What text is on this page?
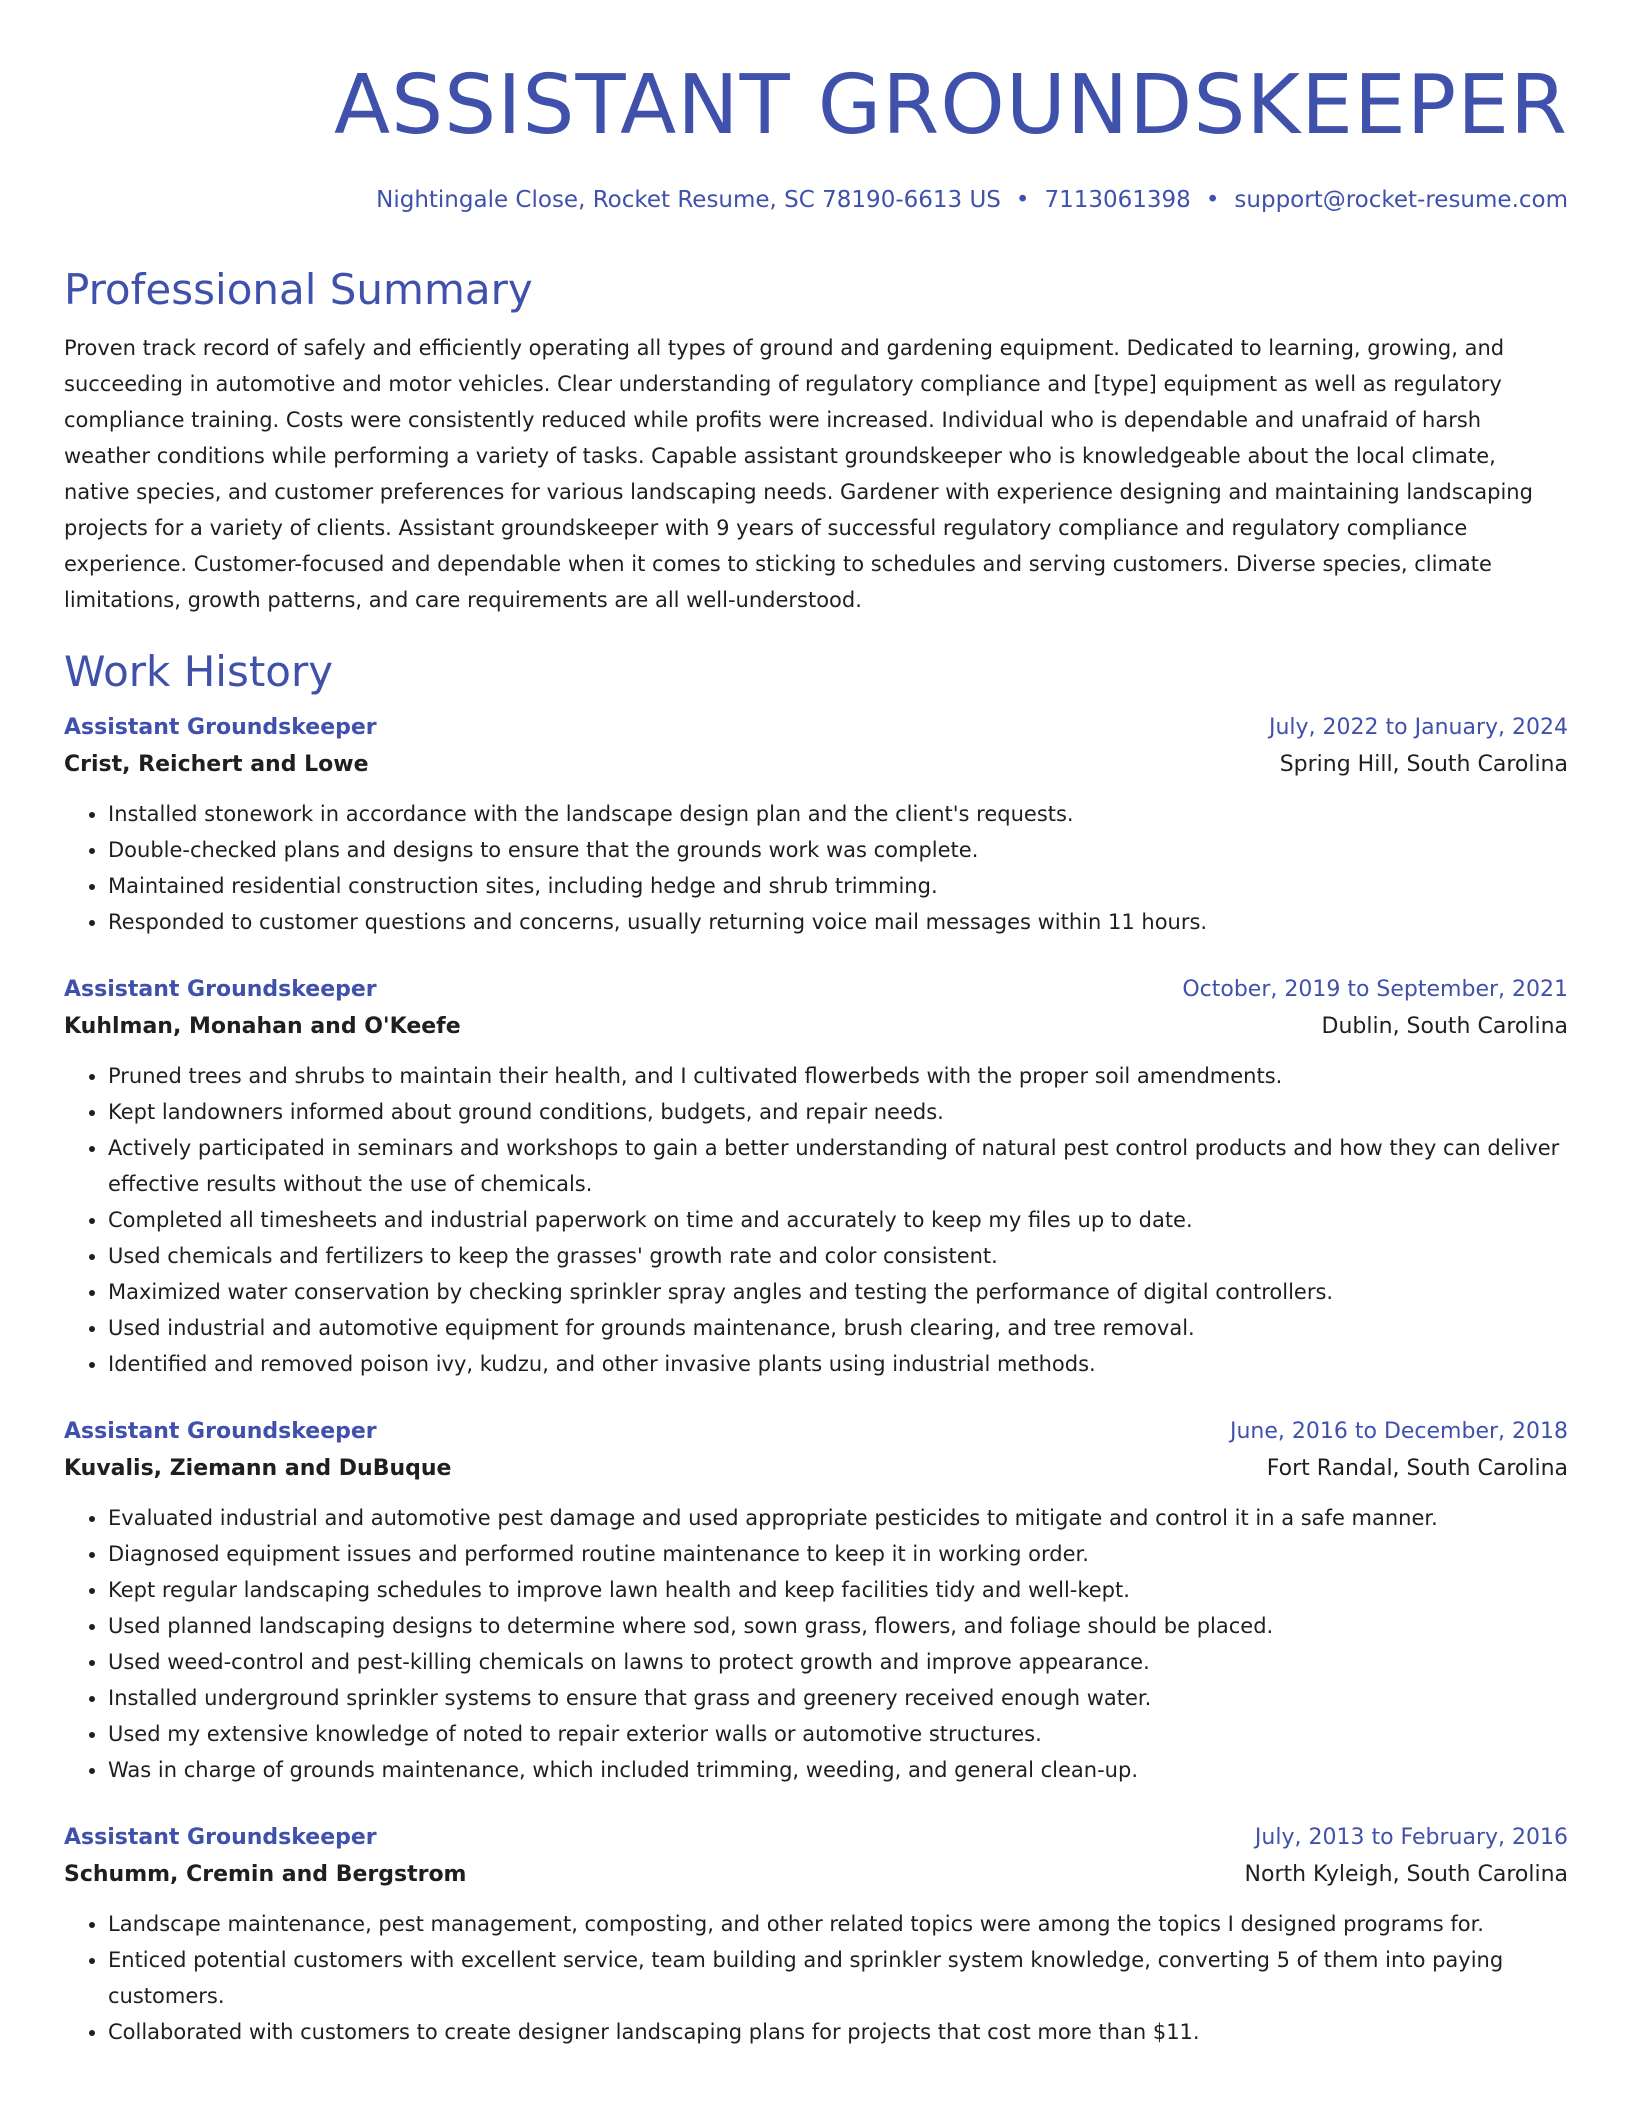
ASSISTANT GROUNDSKEEPER
Nightingale Close, Rocket Resume, SC 78190-6613 US • 7113061398 • support@rocket-resume.com
Professional Summary

Proven track record of safely and efficiently operating all types of ground and gardening equipment. Dedicated to learning, growing, and succeeding in automotive and motor vehicles. Clear understanding of regulatory compliance and [type] equipment as well as regulatory compliance training. Costs were consistently reduced while profits were increased. Individual who is dependable and unafraid of harsh weather conditions while performing a variety of tasks. Capable assistant groundskeeper who is knowledgeable about the local climate, native species, and customer preferences for various landscaping needs. Gardener with experience designing and maintaining landscaping projects for a variety of clients. Assistant groundskeeper with 9 years of successful regulatory compliance and regulatory compliance experience. Customer-focused and dependable when it comes to sticking to schedules and serving customers. Diverse species, climate limitations, growth patterns, and care requirements are all well-understood.

Work History
Assistant Groundskeeper	July, 2022 to January, 2024
Crist, Reichert and Lowe	Spring Hill, South Carolina
• Installed stonework in accordance with the landscape design plan and the client's requests.
• Double-checked plans and designs to ensure that the grounds work was complete.
• Maintained residential construction sites, including hedge and shrub trimming.
• Responded to customer questions and concerns, usually returning voice mail messages within 11 hours.
Assistant Groundskeeper	October, 2019 to September, 2021
Kuhlman, Monahan and O'Keefe	Dublin, South Carolina
• Pruned trees and shrubs to maintain their health, and I cultivated flowerbeds with the proper soil amendments.
• Kept landowners informed about ground conditions, budgets, and repair needs.
• Actively participated in seminars and workshops to gain a better understanding of natural pest control products and how they can deliver effective results without the use of chemicals.
• Completed all timesheets and industrial paperwork on time and accurately to keep my files up to date.
• Used chemicals and fertilizers to keep the grasses' growth rate and color consistent.
• Maximized water conservation by checking sprinkler spray angles and testing the performance of digital controllers.
• Used industrial and automotive equipment for grounds maintenance, brush clearing, and tree removal.
• Identified and removed poison ivy, kudzu, and other invasive plants using industrial methods.
Assistant Groundskeeper	June, 2016 to December, 2018
Kuvalis, Ziemann and DuBuque	Fort Randal, South Carolina
• Evaluated industrial and automotive pest damage and used appropriate pesticides to mitigate and control it in a safe manner.
• Diagnosed equipment issues and performed routine maintenance to keep it in working order.
• Kept regular landscaping schedules to improve lawn health and keep facilities tidy and well-kept.
• Used planned landscaping designs to determine where sod, sown grass, flowers, and foliage should be placed.
• Used weed-control and pest-killing chemicals on lawns to protect growth and improve appearance.
• Installed underground sprinkler systems to ensure that grass and greenery received enough water.
• Used my extensive knowledge of noted to repair exterior walls or automotive structures.
• Was in charge of grounds maintenance, which included trimming, weeding, and general clean-up.
Assistant Groundskeeper	July, 2013 to February, 2016
Schumm, Cremin and Bergstrom	North Kyleigh, South Carolina
• Landscape maintenance, pest management, composting, and other related topics were among the topics I designed programs for.
• Enticed potential customers with excellent service, team building and sprinkler system knowledge, converting 5 of them into paying customers.
• Collaborated with customers to create designer landscaping plans for projects that cost more than $11.
